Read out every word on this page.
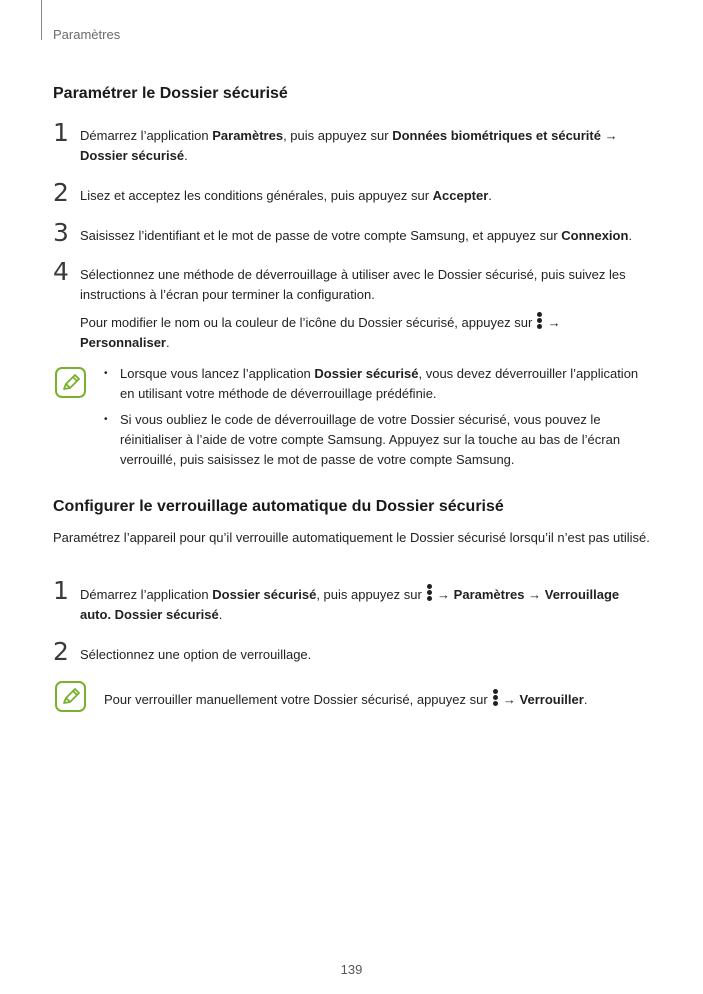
Paramètres
Paramétrer le Dossier sécurisé
1 Démarrez l’application Paramètres, puis appuyez sur Données biométriques et sécurité →
Dossier sécurisé.
2 Lisez et acceptez les conditions générales, puis appuyez sur Accepter.
3 Saisissez l’identifiant et le mot de passe de votre compte Samsung, et appuyez sur Connexion.
4 Sélectionnez une méthode de déverrouillage à utiliser avec le Dossier sécurisé, puis suivez les instructions à l’écran pour terminer la configuration.
Pour modifier le nom ou la couleur de l’icône du Dossier sécurisé, appuyez sur
→
Personnaliser.
• Lorsque vous lancez l’application Dossier sécurisé, vous devez déverrouiller l’application en utilisant votre méthode de déverrouillage prédéfinie.
• Si vous oubliez le code de déverrouillage de votre Dossier sécurisé, vous pouvez le réinitialiser à l’aide de votre compte Samsung. Appuyez sur la touche au bas de l’écran verrouillé, puis saisissez le mot de passe de votre compte Samsung.
Configurer le verrouillage automatique du Dossier sécurisé
Paramétrez l’appareil pour qu’il verrouille automatiquement le Dossier sécurisé lorsqu’il n’est pas utilisé.
1 Démarrez l’application Dossier sécurisé, puis appuyez sur
→ Paramètres → Verrouillage auto. Dossier sécurisé.
2 Sélectionnez une option de verrouillage.
Pour verrouiller manuellement votre Dossier sécurisé, appuyez sur
→ Verrouiller.
139
